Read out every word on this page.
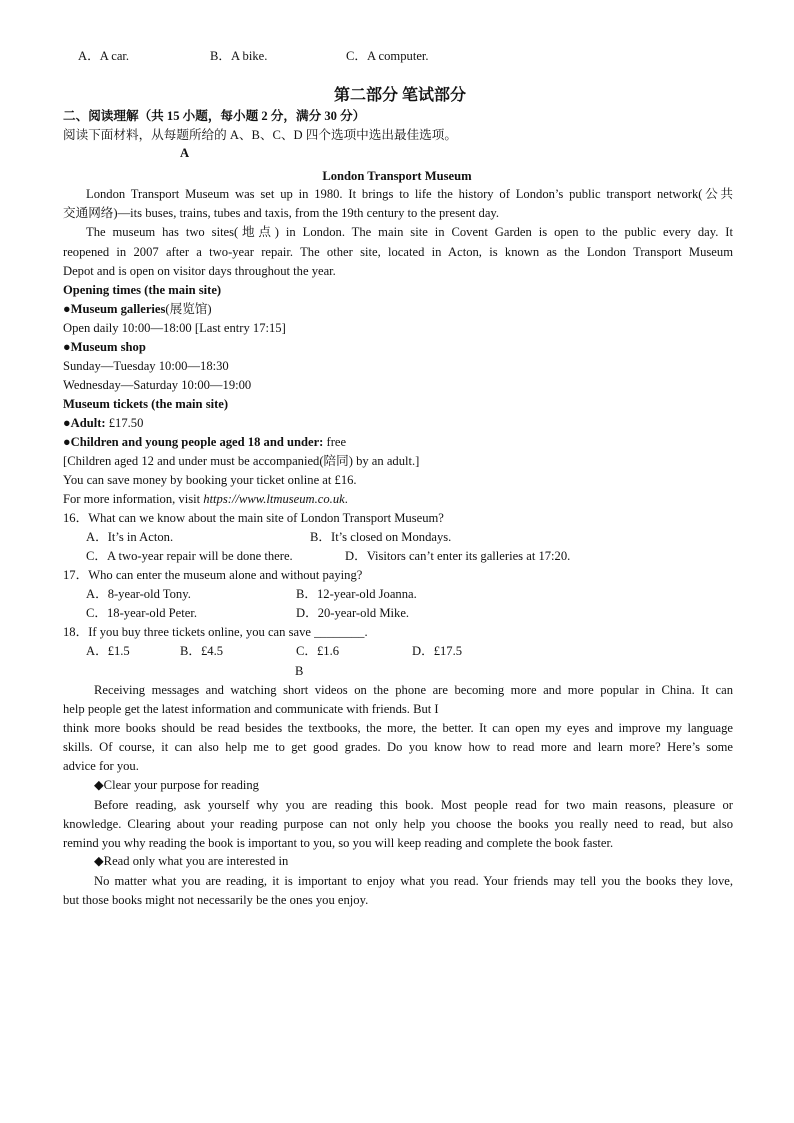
A．A car.	B．A bike.	C．A computer.
第二部分 笔试部分
二、阅读理解（共 15 小题，每小题 2 分，满分 30 分）
阅读下面材料，从每题所给的 A、B、C、D 四个选项中选出最佳选项。
A
London Transport Museum
London Transport Museum was set up in 1980. It brings to life the history of London’s public transport network(公共
交通网络)—its buses, trains, tubes and taxis, from the 19th century to the present day.
The museum has two sites(地点) in London. The main site in Covent Garden is open to the public every day. It
reopened in 2007 after a two-year repair. The other site, located in Acton, is known as the London Transport Museum
Depot and is open on visitor days throughout the year.
Opening times (the main site)
●Museum galleries(展览馆)
Open daily 10:00—18:00 [Last entry 17:15]
●Museum shop
Sunday—Tuesday 10:00—18:30
Wednesday—Saturday 10:00—19:00
Museum tickets (the main site)
●Adult: £17.50
●Children and young people aged 18 and under: free
[Children aged 12 and under must be accompanied(陪同) by an adult.]
You can save money by booking your ticket online at £16.
For more information, visit https://www.ltmuseum.co.uk.
16．What can we know about the main site of London Transport Museum?
A．It’s in Acton.	B．It’s closed on Mondays.
C．A two-year repair will be done there.	D．Visitors can’t enter its galleries at 17:20.
17．Who can enter the museum alone and without paying?
A．8-year-old Tony.	B．12-year-old Joanna.
C．18-year-old Peter.	D．20-year-old Mike.
18．If you buy three tickets online, you can save ________.
A．£1.5	B．£4.5	C．£1.6	D．£17.5
B
Receiving messages and watching short videos on the phone are becoming more and more popular in China. It can
help people get the latest information and communicate with friends. But I
think more books should be read besides the textbooks, the more, the better. It can open my eyes and improve my language
skills. Of course, it can also help me to get good grades. Do you know how to read more and learn more? Here’s some
advice for you.
◆Clear your purpose for reading
Before reading, ask yourself why you are reading this book. Most people read for two main reasons, pleasure or
knowledge. Clearing about your reading purpose can not only help you choose the books you really need to read, but also
remind you why reading the book is important to you, so you will keep reading and complete the book faster.
◆Read only what you are interested in
No matter what you are reading, it is important to enjoy what you read. Your friends may tell you the books they love,
but those books might not necessarily be the ones you enjoy.
